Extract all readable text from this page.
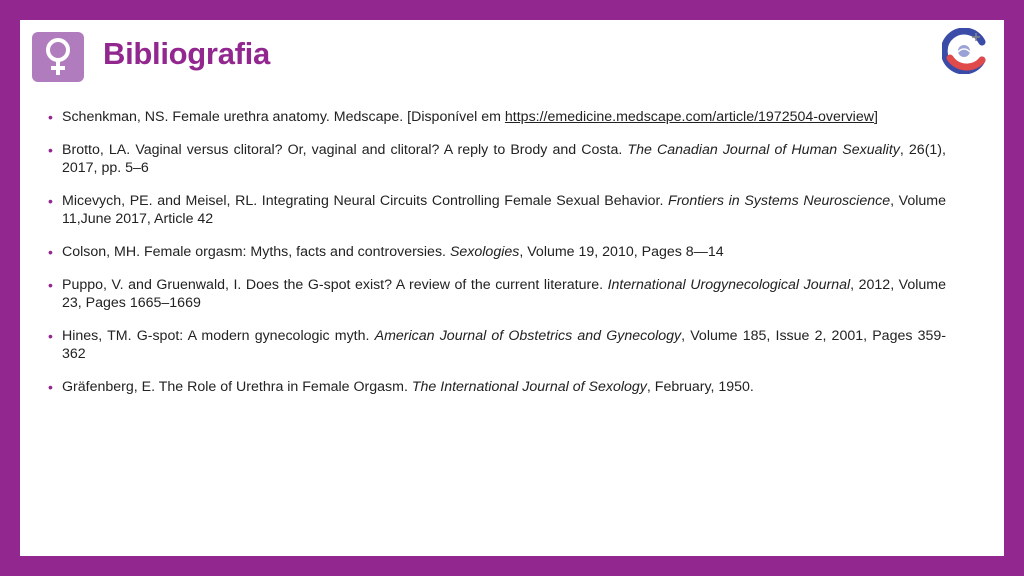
Bibliografia
• Schenkman, NS. Female urethra anatomy. Medscape. [Disponível em https://emedicine.medscape.com/article/1972504-overview]
• Brotto, LA. Vaginal versus clitoral? Or, vaginal and clitoral? A reply to Brody and Costa. The Canadian Journal of Human Sexuality, 26(1), 2017, pp. 5–6
• Micevych, PE. and Meisel, RL. Integrating Neural Circuits Controlling Female Sexual Behavior. Frontiers in Systems Neuroscience, Volume 11,June 2017, Article 42
• Colson, MH. Female orgasm: Myths, facts and controversies. Sexologies, Volume 19, 2010, Pages 8—14
• Puppo, V. and Gruenwald, I. Does the G-spot exist? A review of the current literature. International Urogynecological Journal, 2012, Volume 23, Pages 1665–1669
• Hines, TM. G-spot: A modern gynecologic myth. American Journal of Obstetrics and Gynecology, Volume 185, Issue 2, 2001, Pages 359-362
• Gräfenberg, E. The Role of Urethra in Female Orgasm. The International Journal of Sexology, February, 1950.
